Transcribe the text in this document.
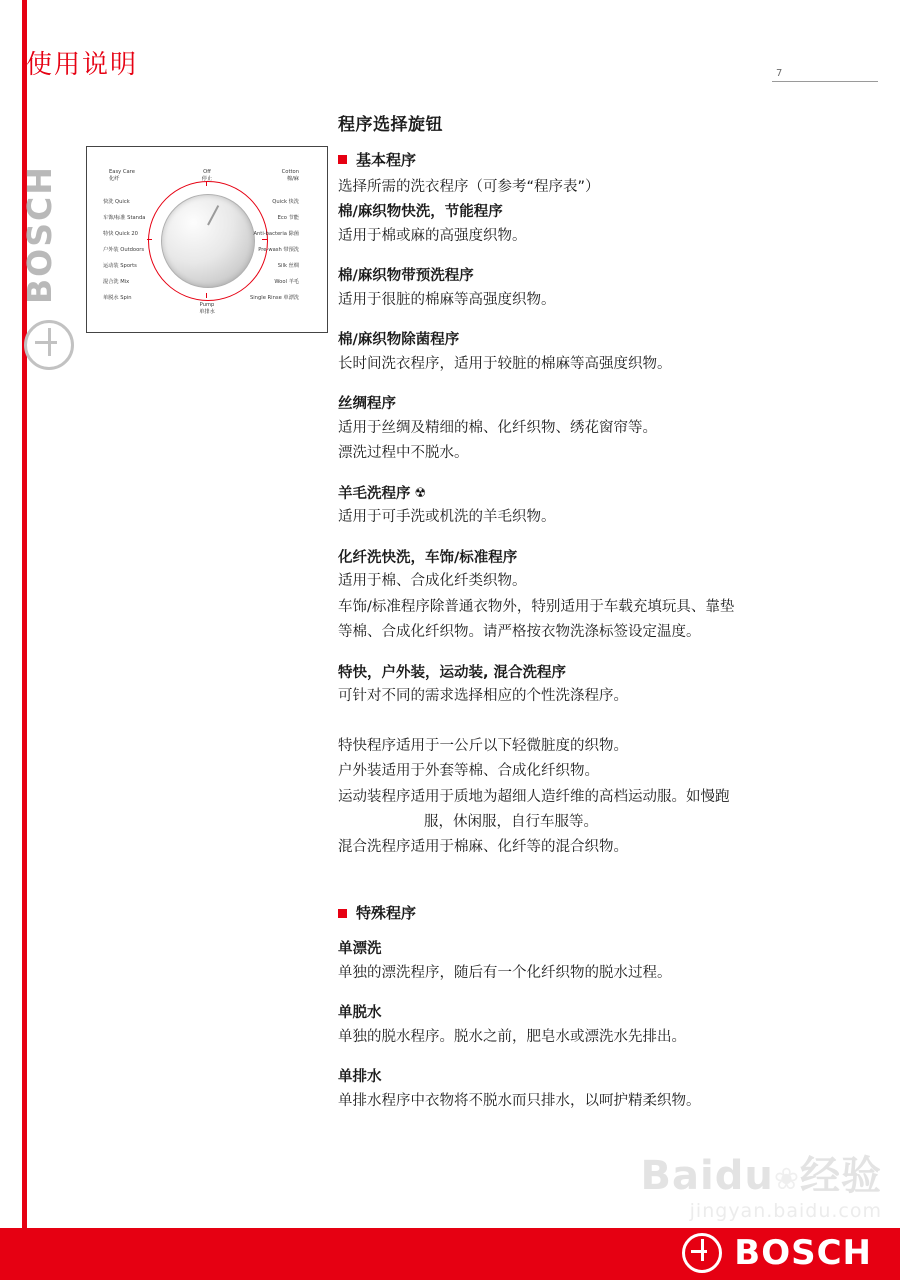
使用说明	7
BOSCH	Easy Care
化纤
Off
停止
Cotton
棉/麻
快洗 Quick	Quick 快洗
车饰/标准 Standa	Eco 节能
特快 Quick 20	Anti-bacteria 除菌
户外装 Outdoors	Pre-wash 带预洗
运动装 Sports	Silk 丝绸
混合洗 Mix	Wool 羊毛
单脱水 Spin	Single Rinse 单漂洗
Pump
单排水
程序选择旋钮
基本程序
选择所需的洗衣程序（可参考“程序表”）
棉/麻织物快洗，节能程序
适用于棉或麻的高强度织物。
棉/麻织物带预洗程序
适用于很脏的棉麻等高强度织物。
棉/麻织物除菌程序
长时间洗衣程序，适用于较脏的棉麻等高强度织物。
丝绸程序
适用于丝绸及精细的棉、化纤织物、绣花窗帘等。
漂洗过程中不脱水。
羊毛洗程序 ☢
适用于可手洗或机洗的羊毛织物。
化纤洗快洗，车饰/标准程序
适用于棉、合成化纤类织物。
车饰/标准程序除普通衣物外，特别适用于车载充填玩具、靠垫
等棉、合成化纤织物。请严格按衣物洗涤标签设定温度。
特快，户外装，运动装, 混合洗程序
可针对不同的需求选择相应的个性洗涤程序。
特快程序适用于一公斤以下轻微脏度的织物。
户外装适用于外套等棉、合成化纤织物。
运动装程序适用于质地为超细人造纤维的高档运动服。如慢跑
服，休闲服，自行车服等。
混合洗程序适用于棉麻、化纤等的混合织物。
特殊程序
单漂洗
单独的漂洗程序，随后有一个化纤织物的脱水过程。
单脱水
单独的脱水程序。脱水之前，肥皂水或漂洗水先排出。
单排水
单排水程序中衣物将不脱水而只排水，以呵护精柔织物。
Baidu❀经验
jingyan.baidu.com
BOSCH
